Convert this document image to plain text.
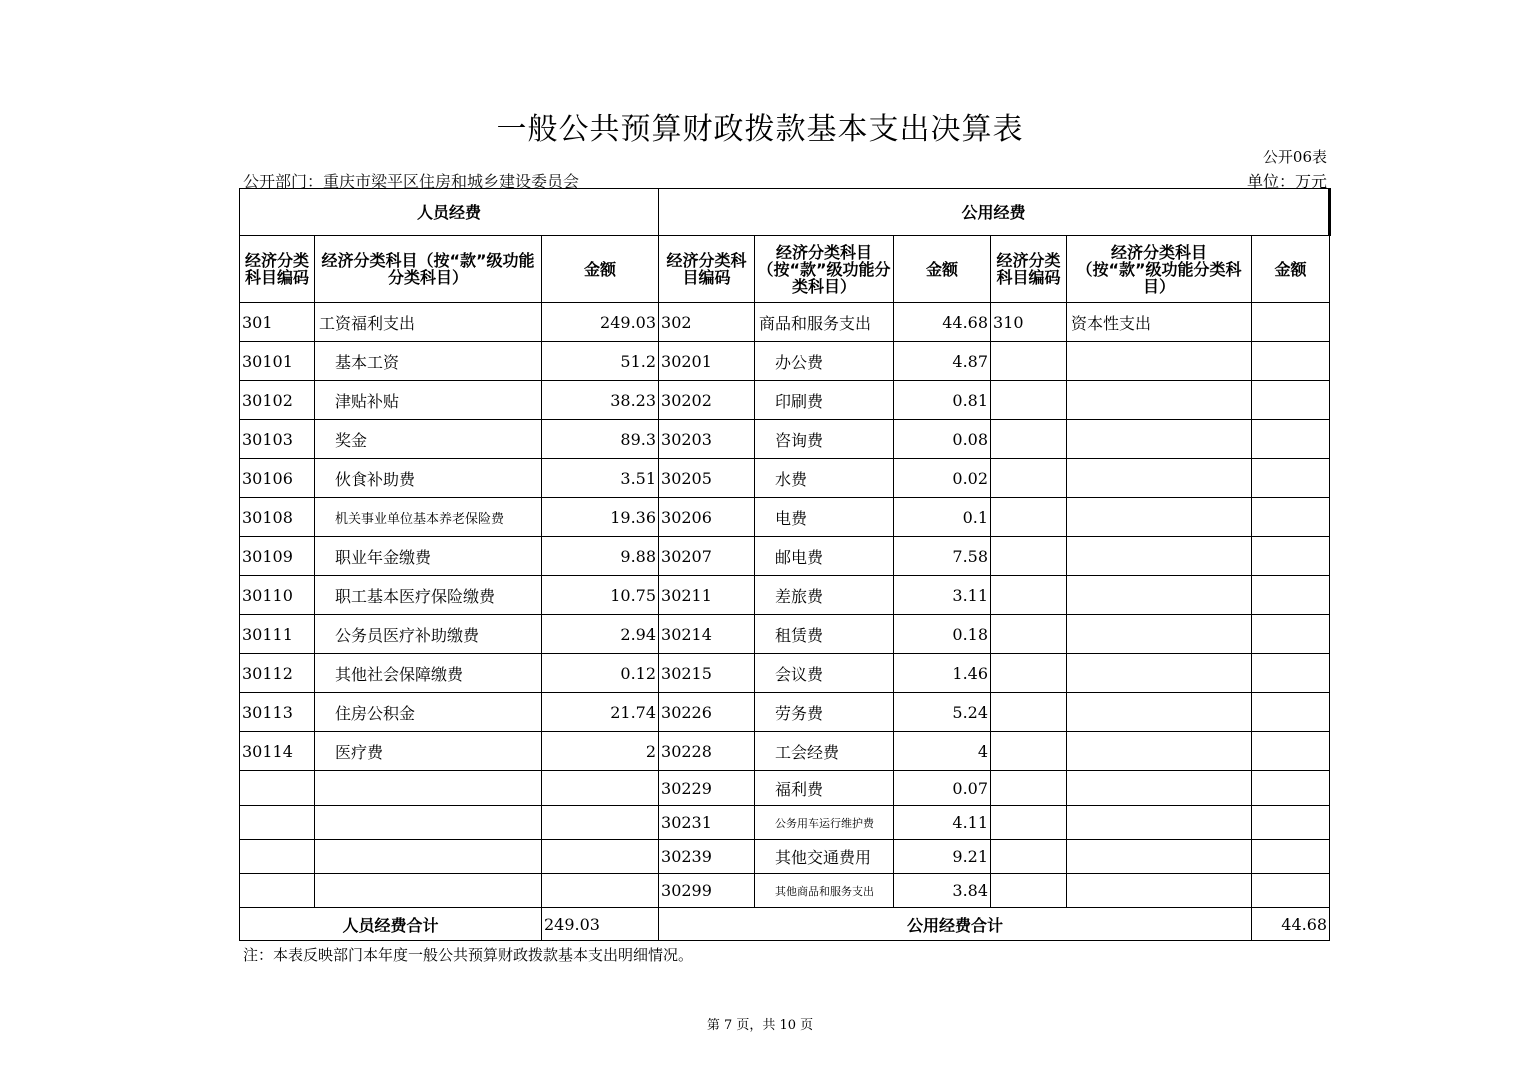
一般公共预算财政拨款基本支出决算表
公开06表
公开部门：重庆市梁平区住房和城乡建设委员会	单位：万元
人员经费			公用经费					
经济分类科目编码	经济分类科目（按“款”级功能分类科目）	金额	经济分类科目编码	经济分类科目（按“款”级功能分类科目）	金额	经济分类科目编码	经济分类科目（按“款”级功能分类科目）	金额
301	工资福利支出	249.03	302	商品和服务支出	44.68	310	资本性支出	
30101	基本工资	51.2	30201	办公费	4.87			
30102	津贴补贴	38.23	30202	印刷费	0.81			
30103	奖金	89.3	30203	咨询费	0.08			
30106	伙食补助费	3.51	30205	水费	0.02			
30108	机关事业单位基本养老保险费	19.36	30206	电费	0.1			
30109	职业年金缴费	9.88	30207	邮电费	7.58			
30110	职工基本医疗保险缴费	10.75	30211	差旅费	3.11			
30111	公务员医疗补助缴费	2.94	30214	租赁费	0.18			
30112	其他社会保障缴费	0.12	30215	会议费	1.46			
30113	住房公积金	21.74	30226	劳务费	5.24			
30114	医疗费	2	30228	工会经费	4			
			30229	福利费	0.07			
			30231	公务用车运行维护费	4.11			
			30239	其他交通费用	9.21			
			30299	其他商品和服务支出	3.84			
人员经费合计		249.03	公用经费合计					44.68
注：本表反映部门本年度一般公共预算财政拨款基本支出明细情况。
第 7 页，共 10 页
